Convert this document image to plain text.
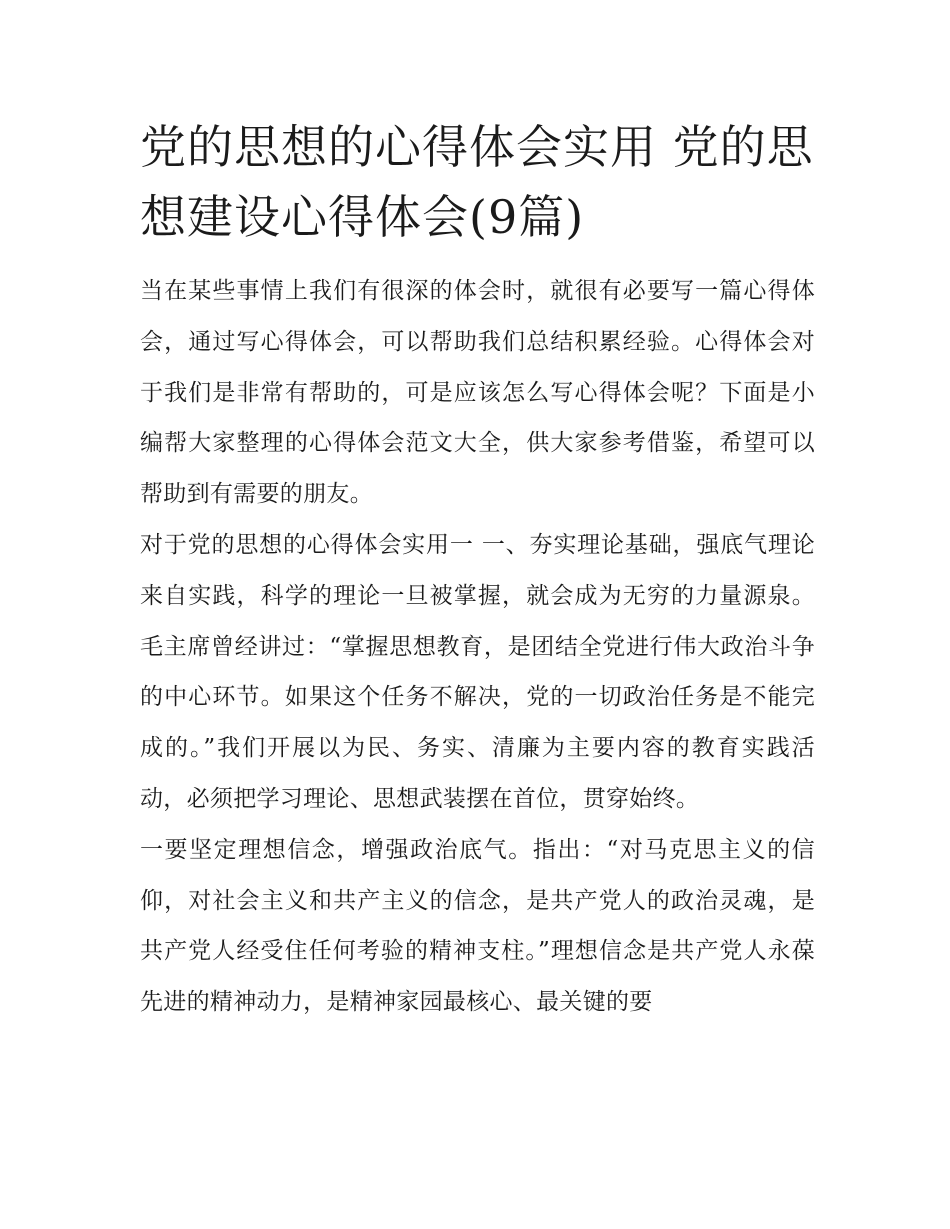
党的思想的心得体会实用 党的思想建设心得体会(9篇)

当在某些事情上我们有很深的体会时，就很有必要写一篇心得体会，通过写心得体会，可以帮助我们总结积累经验。心得体会对于我们是非常有帮助的，可是应该怎么写心得体会呢？下面是小编帮大家整理的心得体会范文大全，供大家参考借鉴，希望可以帮助到有需要的朋友。

对于党的思想的心得体会实用一 一、夯实理论基础，强底气理论来自实践，科学的理论一旦被掌握，就会成为无穷的力量源泉。毛主席曾经讲过：“掌握思想教育，是团结全党进行伟大政治斗争的中心环节。如果这个任务不解决，党的一切政治任务是不能完成的。”我们开展以为民、务实、清廉为主要内容的教育实践活动，必须把学习理论、思想武装摆在首位，贯穿始终。

一要坚定理想信念，增强政治底气。指出：“对马克思主义的信仰，对社会主义和共产主义的信念，是共产党人的政治灵魂，是共产党人经受住任何考验的精神支柱。”理想信念是共产党人永葆先进的精神动力，是精神家园最核心、最关键的要
